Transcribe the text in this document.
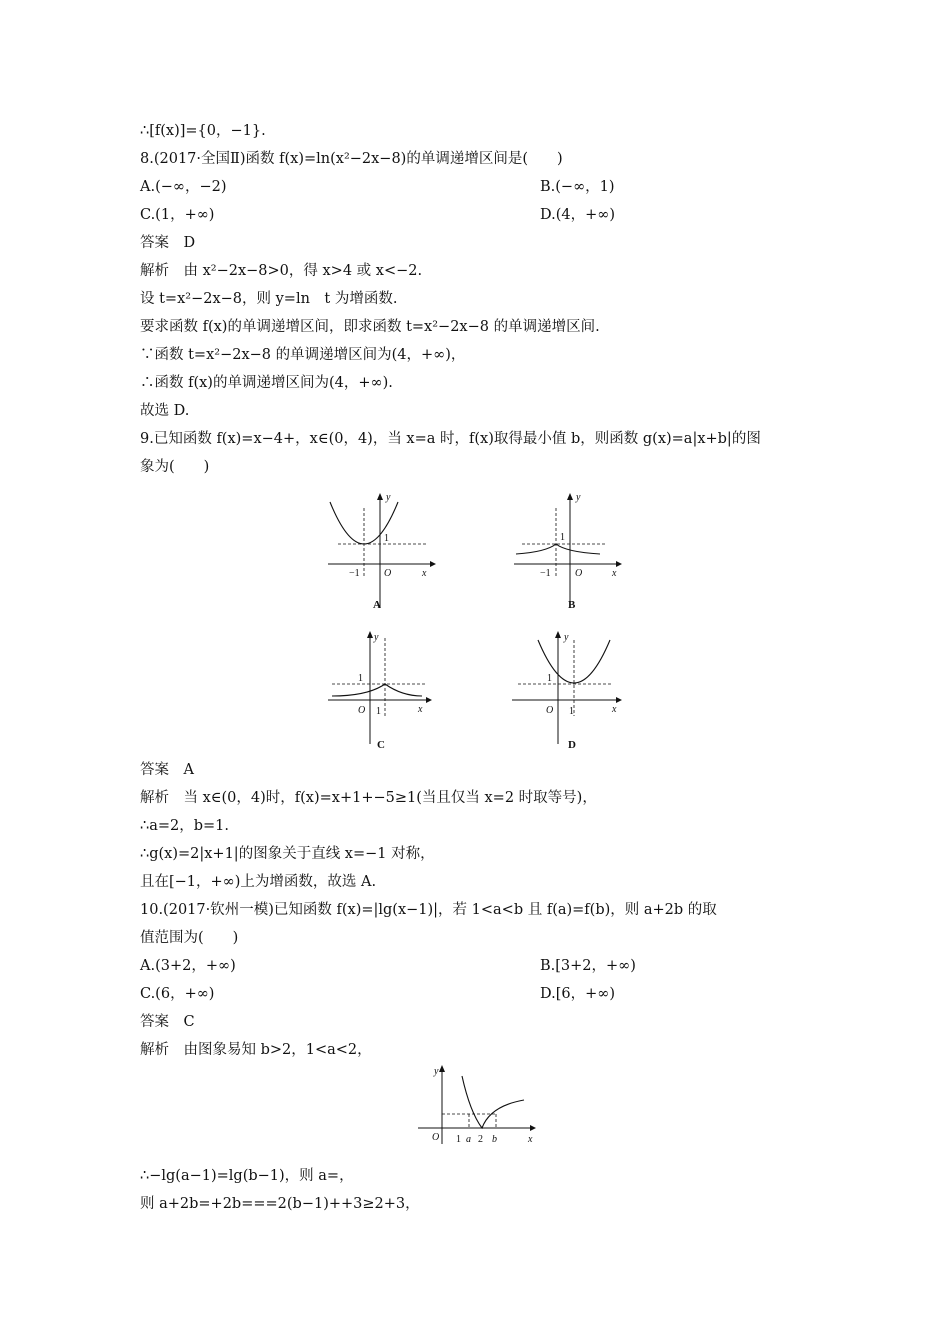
∴[f(x)]={0，−1}.
8.(2017·全国Ⅱ)函数 f(x)=ln(x²−2x−8)的单调递增区间是(　　)
A.(−∞，−2)	B.(−∞，1)
C.(1，+∞)	D.(4，+∞)
答案　D
解析　由 x²−2x−8>0，得 x>4 或 x<−2.
设 t=x²−2x−8，则 y=ln　t 为增函数.
要求函数 f(x)的单调递增区间，即求函数 t=x²−2x−8 的单调递增区间.
∵函数 t=x²−2x−8 的单调递增区间为(4，+∞)，
∴函数 f(x)的单调递增区间为(4，+∞).
故选 D.
9.已知函数 f(x)=x−4+，x∈(0，4)，当 x=a 时，f(x)取得最小值 b，则函数 g(x)=a|x+b|的图
象为(　　)
y
x
O
−1
1
A
y
x
O
−1
1
B
y
x
O 1
1
C
y
x
O 1
1
D
答案　A
解析　当 x∈(0，4)时，f(x)=x+1+−5≥1(当且仅当 x=2 时取等号)，
∴a=2，b=1.
∴g(x)=2|x+1|的图象关于直线 x=−1 对称，
且在[−1，+∞)上为增函数，故选 A.
10.(2017·钦州一模)已知函数 f(x)=|lg(x−1)|，若 1<a<b 且 f(a)=f(b)，则 a+2b 的取
值范围为(　　)
A.(3+2，+∞)	B.[3+2，+∞)
C.(6，+∞)	D.[6，+∞)
答案　C
解析　由图象易知 b>2，1<a<2，
y
x
O 1 a 2 b
∴−lg(a−1)=lg(b−1)，则 a=，
则 a+2b=+2b===2(b−1)++3≥2+3，
